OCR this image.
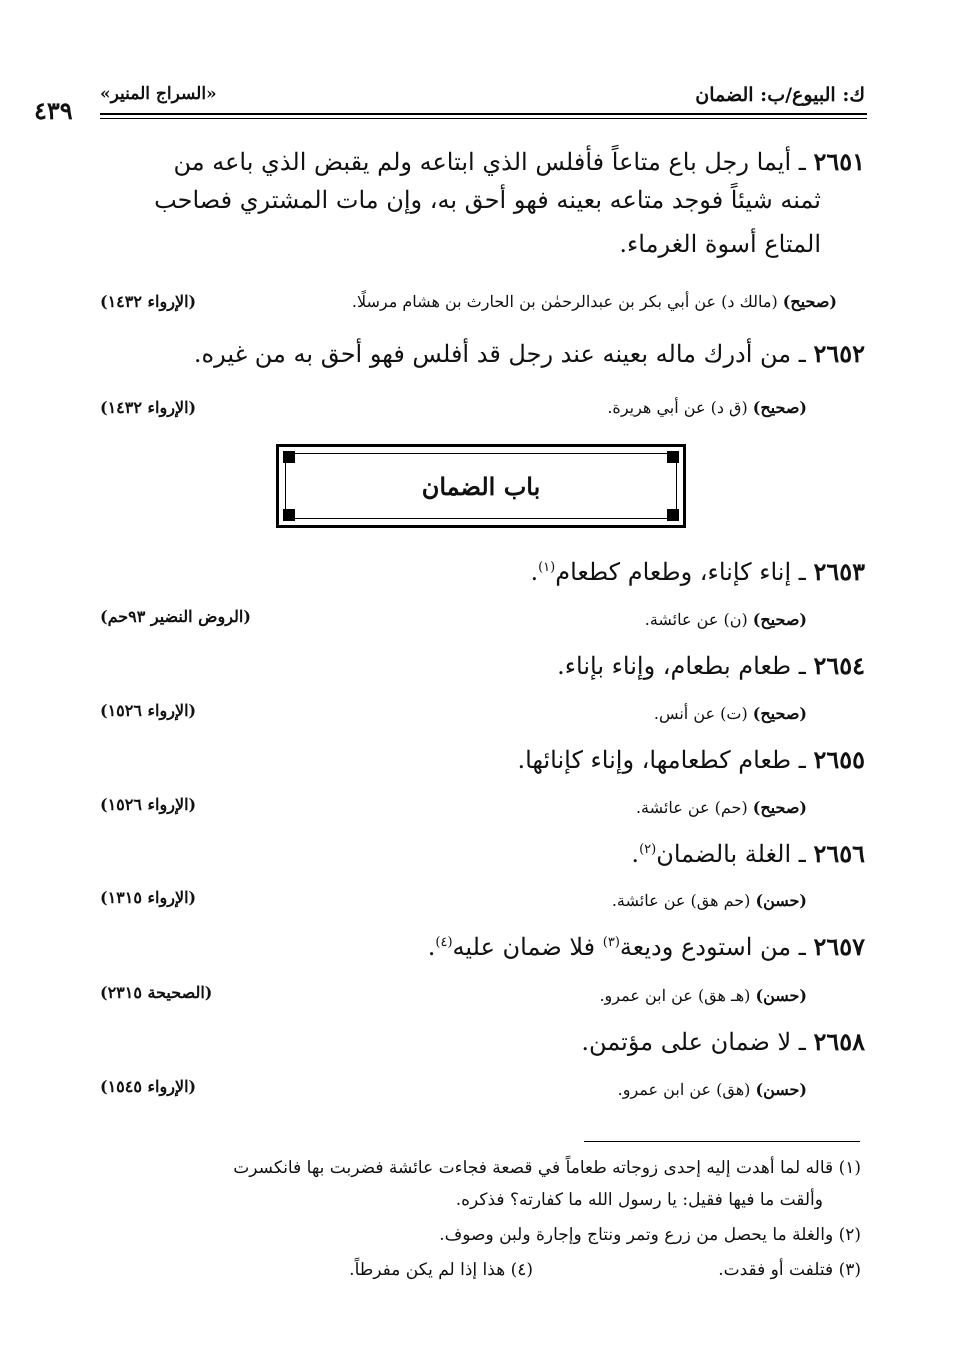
ك: البيوع/ب: الضمان
«السراج المنير»
٤٣٩
٢٦٥١ ـ أيما رجل باع متاعاً فأفلس الذي ابتاعه ولم يقبض الذي باعه من
ثمنه شيئاً فوجد متاعه بعينه فهو أحق به، وإن مات المشتري فصاحب
المتاع أسوة الغرماء.
(صحيح) (مالك د) عن أبي بكر بن عبدالرحمٰن بن الحارث بن هشام مرسلًا.
(الإرواء ١٤٣٢)
٢٦٥٢ ـ من أدرك ماله بعينه عند رجل قد أفلس فهو أحق به من غيره.
(صحيح) (ق د) عن أبي هريرة.
(الإرواء ١٤٣٢)
باب الضمان
٢٦٥٣ ـ إناء كإناء، وطعام كطعام$^{(١)}$.
(صحيح) (ن) عن عائشة.
(الروض النضير ٩٣حم)
٢٦٥٤ ـ طعام بطعام، وإناء بإناء.
(صحيح) (ت) عن أنس.
(الإرواء ١٥٢٦)
٢٦٥٥ ـ طعام كطعامها، وإناء كإنائها.
(صحيح) (حم) عن عائشة.
(الإرواء ١٥٢٦)
٢٦٥٦ ـ الغلة بالضمان$^{(٢)}$.
(حسن) (حم هق) عن عائشة.
(الإرواء ١٣١٥)
٢٦٥٧ ـ من استودع وديعة$^{(٣)}$ فلا ضمان عليه$^{(٤)}$.
(حسن) (هـ هق) عن ابن عمرو.
(الصحيحة ٢٣١٥)
٢٦٥٨ ـ لا ضمان على مؤتمن.
(حسن) (هق) عن ابن عمرو.
(الإرواء ١٥٤٥)
(١) قاله لما أهدت إليه إحدى زوجاته طعاماً في قصعة فجاءت عائشة فضربت بها فانكسرت
وألقت ما فيها فقيل: يا رسول الله ما كفارته؟ فذكره.
(٢) والغلة ما يحصل من زرع وتمر ونتاج وإجارة ولبن وصوف.
(٣) فتلفت أو فقدت.
(٤) هذا إذا لم يكن مفرطاً.
